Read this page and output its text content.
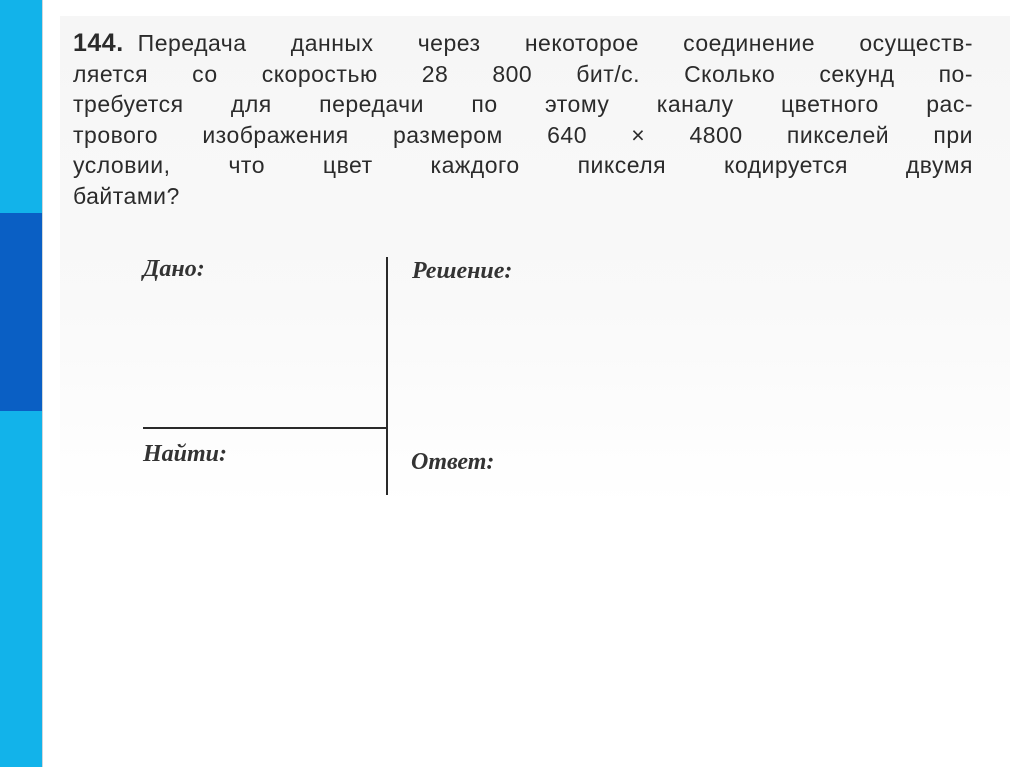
144. Передача данных через некоторое соединение осуществ-
ляется со скоростью 28 800 бит/с. Сколько секунд по-
требуется для передачи по этому каналу цветного рас-
трового изображения размером 640 × 4800 пикселей при
условии, что цвет каждого пикселя кодируется двумя
байтами?
Дано:	Решение:
Найти:	Ответ:
